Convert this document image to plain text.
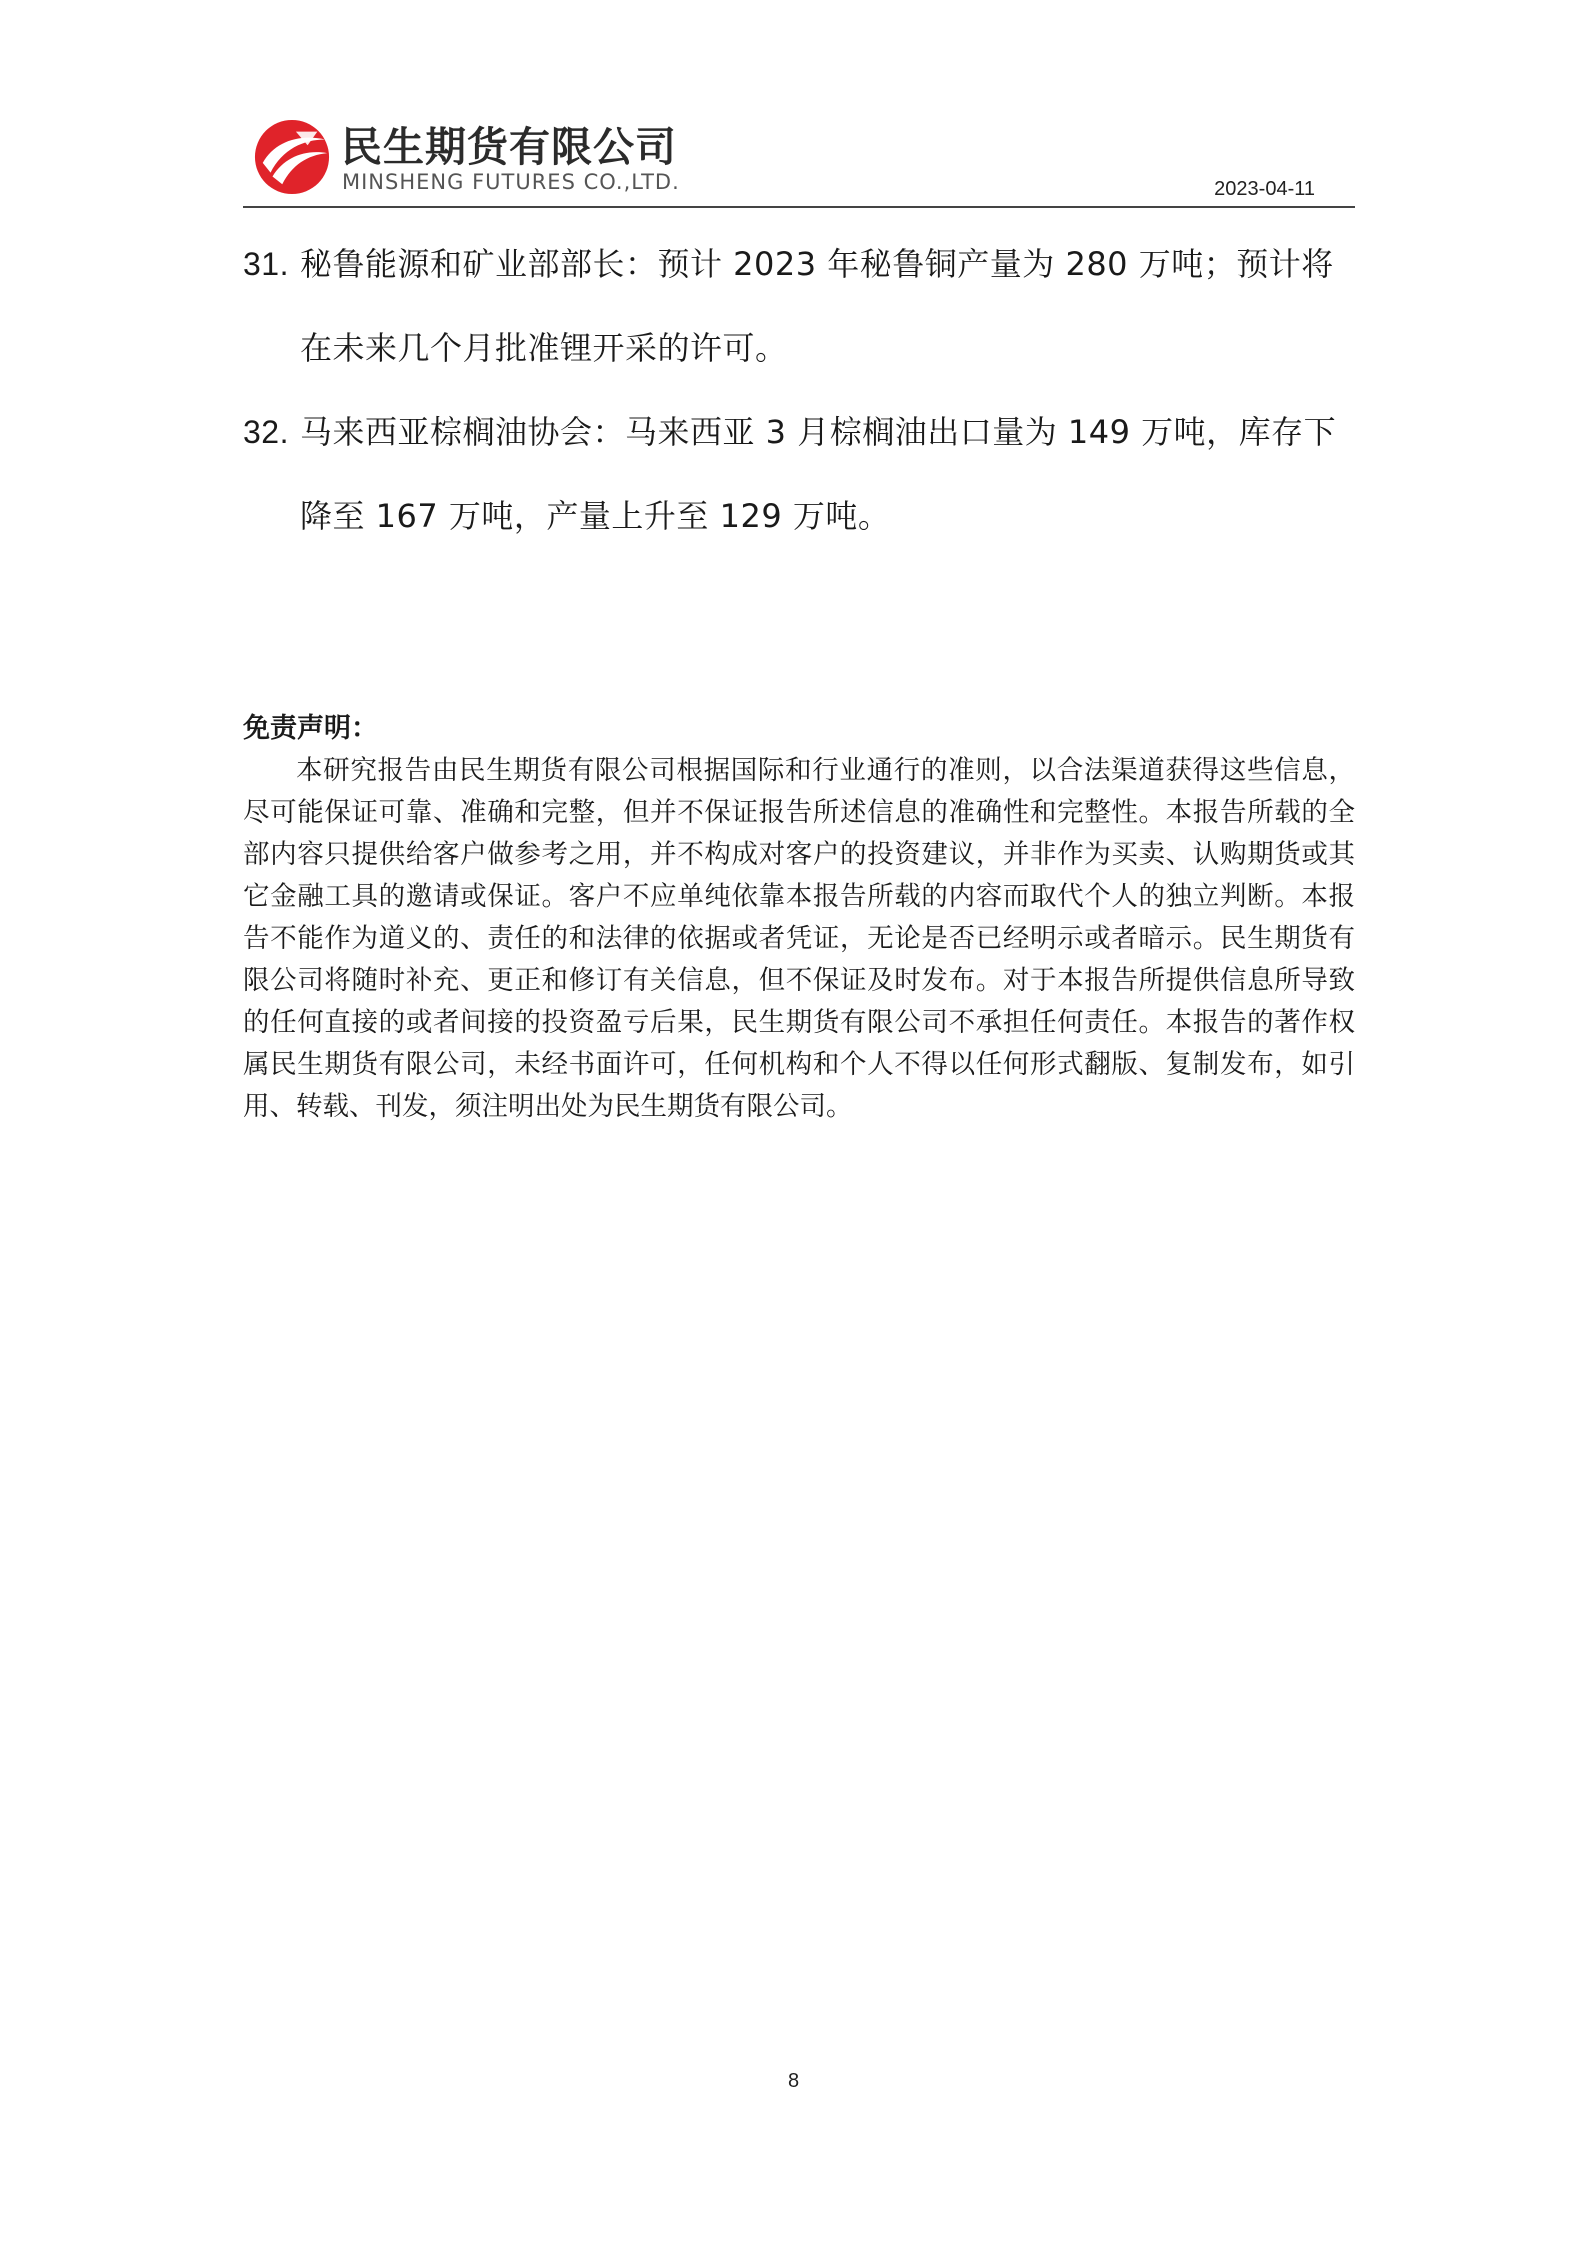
民生期货有限公司
MINSHENG FUTURES CO.,LTD.	2023-04-11

31. 秘鲁能源和矿业部部长：预计 2023 年秘鲁铜产量为 280 万吨；预计将在未来几个月批准锂开采的许可。

32. 马来西亚棕榈油协会：马来西亚 3 月棕榈油出口量为 149 万吨，库存下降至 167 万吨，产量上升至 129 万吨。

免责声明：

本研究报告由民生期货有限公司根据国际和行业通行的准则，以合法渠道获得这些信息，尽可能保证可靠、准确和完整，但并不保证报告所述信息的准确性和完整性。本报告所载的全部内容只提供给客户做参考之用，并不构成对客户的投资建议，并非作为买卖、认购期货或其它金融工具的邀请或保证。客户不应单纯依靠本报告所载的内容而取代个人的独立判断。本报告不能作为道义的、责任的和法律的依据或者凭证，无论是否已经明示或者暗示。民生期货有限公司将随时补充、更正和修订有关信息，但不保证及时发布。对于本报告所提供信息所导致的任何直接的或者间接的投资盈亏后果，民生期货有限公司不承担任何责任。本报告的著作权属民生期货有限公司，未经书面许可，任何机构和个人不得以任何形式翻版、复制发布，如引用、转载、刊发，须注明出处为民生期货有限公司。

8
